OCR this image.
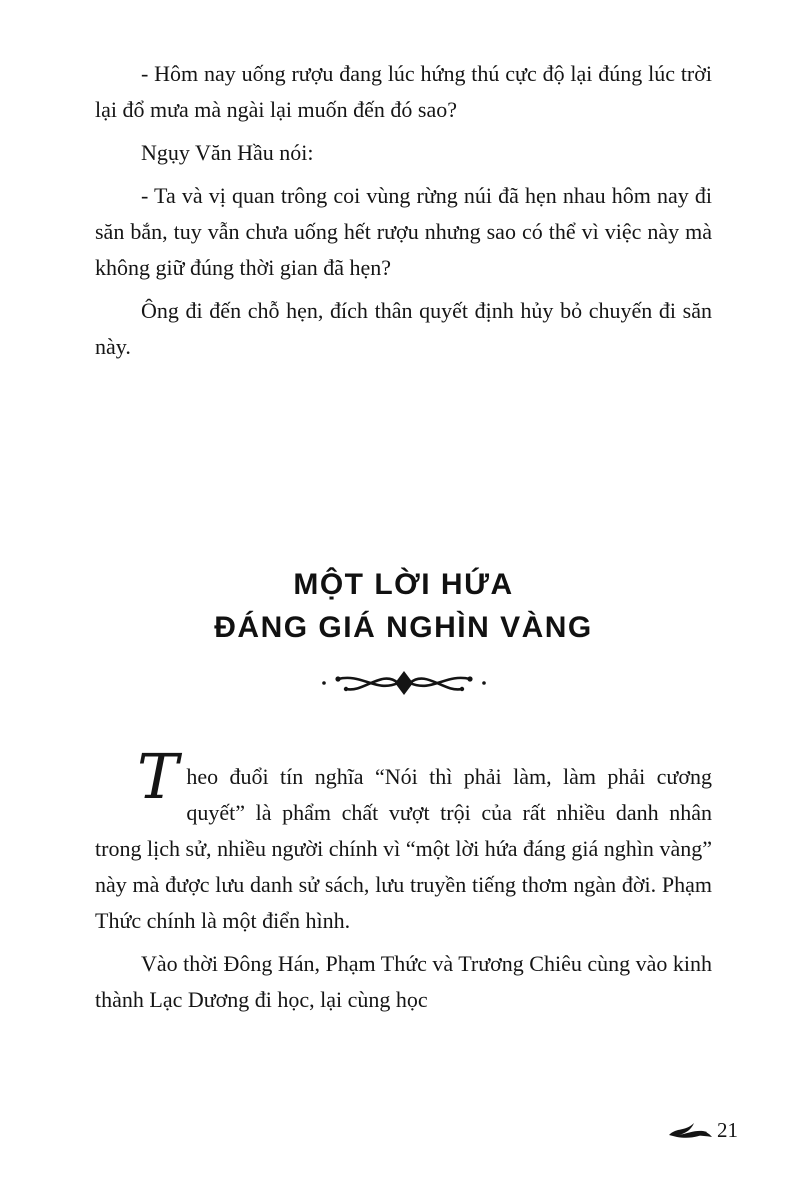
- Hôm nay uống rượu đang lúc hứng thú cực độ lại đúng lúc trời lại đổ mưa mà ngài lại muốn đến đó sao?

Ngụy Văn Hầu nói:

- Ta và vị quan trông coi vùng rừng núi đã hẹn nhau hôm nay đi săn bắn, tuy vẫn chưa uống hết rượu nhưng sao có thể vì việc này mà không giữ đúng thời gian đã hẹn?

Ông đi đến chỗ hẹn, đích thân quyết định hủy bỏ chuyến đi săn này.

MỘT LỜI HỨA
ĐÁNG GIÁ NGHÌN VÀNG

Theo đuổi tín nghĩa “Nói thì phải làm, làm phải cương quyết” là phẩm chất vượt trội của rất nhiều danh nhân trong lịch sử, nhiều người chính vì “một lời hứa đáng giá nghìn vàng” này mà được lưu danh sử sách, lưu truyền tiếng thơm ngàn đời. Phạm Thức chính là một điển hình.

Vào thời Đông Hán, Phạm Thức và Trương Chiêu cùng vào kinh thành Lạc Dương đi học, lại cùng học

21
